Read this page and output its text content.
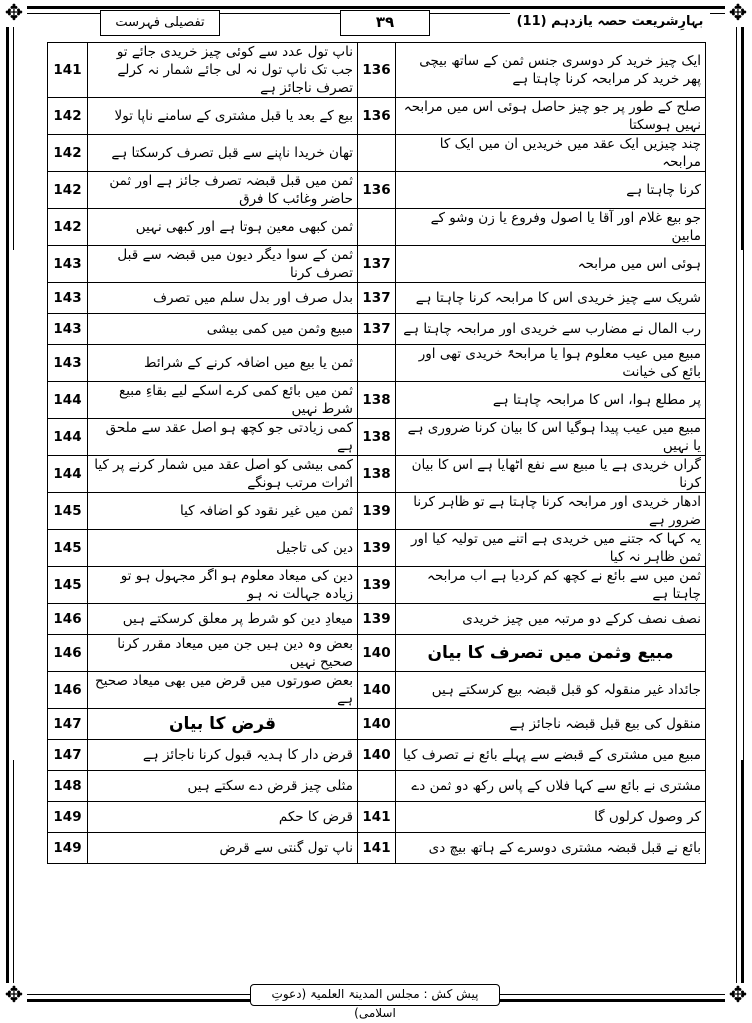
✥	✥
✥	✥
تفصیلی فہرست	۳۹	بہارِشریعت حصہ یازدہم (11)
141	ناپ تول عدد سے کوئی چیز خریدی جائے تو جب تک ناپ تول نہ لی جائے شمار نہ کرلے تصرف ناجائز ہے	136	ایک چیز خرید کر دوسری جنس ثمن کے ساتھ بیچی پھر خرید کر مرابحہ کرنا چاہتا ہے
142	بیع کے بعد یا قبل مشتری کے سامنے ناپا تولا	136	صلح کے طور پر جو چیز حاصل ہوئی اس میں مرابحہ نہیں ہوسکتا
142	تھان خریدا ناپنے سے قبل تصرف کرسکتا ہے		چند چیزیں ایک عقد میں خریدیں ان میں ایک کا مرابحہ
142	ثمن میں قبل قبضہ تصرف جائز ہے اور ثمن حاضر وغائب کا فرق	136	کرنا چاہتا ہے
142	ثمن کبھی معین ہوتا ہے اور کبھی نہیں		جو بیع غلام اور آقا یا اصول وفروع یا زن وشو کے مابین
143	ثمن کے سوا دیگر دیون میں قبضہ سے قبل تصرف کرنا	137	ہوئی اس میں مرابحہ
143	بدل صرف اور بدل سلم میں تصرف	137	شریک سے چیز خریدی اس کا مرابحہ کرنا چاہتا ہے
143	مبیع وثمن میں کمی بیشی	137	رب المال نے مضارب سے خریدی اور مرابحہ چاہتا ہے
143	ثمن یا بیع میں اضافہ کرنے کے شرائط		مبیع میں عیب معلوم ہوا یا مرابحۃً خریدی تھی اور بائع کی خیانت
144	ثمن میں بائع کمی کرے اسکے لیے بقاءِ مبیع شرط نہیں	138	پر مطلع ہوا، اس کا مرابحہ چاہتا ہے
144	کمی زیادتی جو کچھ ہو اصل عقد سے ملحق ہے	138	مبیع میں عیب پیدا ہوگیا اس کا بیان کرنا ضروری ہے یا نہیں
144	کمی بیشی کو اصل عقد میں شمار کرنے پر کیا اثرات مرتب ہونگے	138	گراں خریدی ہے یا مبیع سے نفع اٹھایا ہے اس کا بیان کرنا
145	ثمن میں غیر نقود کو اضافہ کیا	139	ادھار خریدی اور مرابحہ کرنا چاہتا ہے تو ظاہر کرنا ضرور ہے
145	دین کی تاجیل	139	یہ کہا کہ جتنے میں خریدی ہے اتنے میں تولیہ کیا اور ثمن ظاہر نہ کیا
145	دین کی میعاد معلوم ہو اگر مجہول ہو تو زیادہ جہالت نہ ہو	139	ثمن میں سے بائع نے کچھ کم کردیا ہے اب مرابحہ چاہتا ہے
146	میعادِ دین کو شرط پر معلق کرسکتے ہیں	139	نصف نصف کرکے دو مرتبہ میں چیز خریدی
146	بعض وہ دین ہیں جن میں میعاد مقرر کرنا صحیح نہیں	140	مبیع وثمن میں تصرف کا بیان
146	بعض صورتوں میں قرض میں بھی میعاد صحیح ہے	140	جائداد غیر منقولہ کو قبل قبضہ بیع کرسکتے ہیں
147	قرض کا بیان	140	منقول کی بیع قبل قبضہ ناجائز ہے
147	قرض دار کا ہدیہ قبول کرنا ناجائز ہے	140	مبیع میں مشتری کے قبضے سے پہلے بائع نے تصرف کیا
148	مثلی چیز قرض دے سکتے ہیں		مشتری نے بائع سے کہا فلاں کے پاس رکھ دو ثمن دے
149	قرض کا حکم	141	کر وصول کرلوں گا
149	ناپ تول گنتی سے قرض	141	بائع نے قبل قبضہ مشتری دوسرے کے ہاتھ بیچ دی
پیش کش : مجلس المدینۃ العلمیۃ (دعوتِ اسلامی)
